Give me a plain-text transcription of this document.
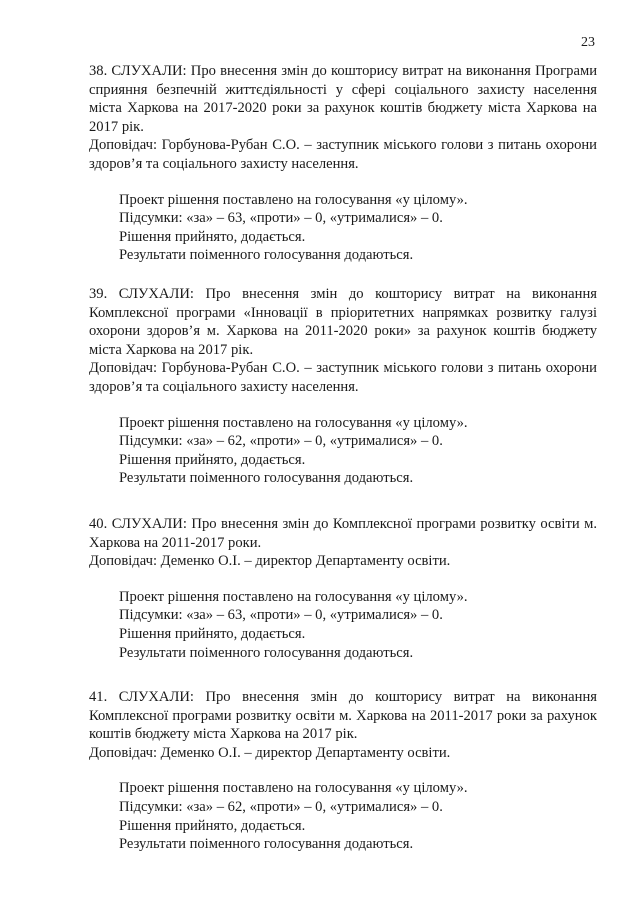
23
38. СЛУХАЛИ: Про внесення змін до кошторису витрат на виконання Програми сприяння безпечній життєдіяльності у сфері соціального захисту населення міста Харкова на 2017-2020 роки за рахунок коштів бюджету міста Харкова на 2017 рік.
Доповідач: Горбунова-Рубан С.О. – заступник міського голови з питань охорони здоров’я та соціального захисту населення.
Проект рішення поставлено на голосування «у цілому».
Підсумки: «за» – 63, «проти» – 0, «утрималися» – 0.
Рішення прийнято, додається.
Результати поіменного голосування додаються.
39. СЛУХАЛИ: Про внесення змін до кошторису витрат на виконання Комплексної програми «Інновації в пріоритетних напрямках розвитку галузі охорони здоров’я м. Харкова на 2011-2020 роки» за рахунок коштів бюджету міста Харкова на 2017 рік.
Доповідач: Горбунова-Рубан С.О. – заступник міського голови з питань охорони здоров’я та соціального захисту населення.
Проект рішення поставлено на голосування «у цілому».
Підсумки: «за» – 62, «проти» – 0, «утрималися» – 0.
Рішення прийнято, додається.
Результати поіменного голосування додаються.
40. СЛУХАЛИ: Про внесення змін до Комплексної програми розвитку освіти м. Харкова на 2011-2017 роки.
Доповідач: Деменко О.І. – директор Департаменту освіти.
Проект рішення поставлено на голосування «у цілому».
Підсумки: «за» – 63, «проти» – 0, «утрималися» – 0.
Рішення прийнято, додається.
Результати поіменного голосування додаються.
41. СЛУХАЛИ: Про внесення змін до кошторису витрат на виконання Комплексної програми розвитку освіти м. Харкова на 2011-2017 роки за рахунок коштів бюджету міста Харкова на 2017 рік.
Доповідач: Деменко О.І. – директор Департаменту освіти.
Проект рішення поставлено на голосування «у цілому».
Підсумки: «за» – 62, «проти» – 0, «утрималися» – 0.
Рішення прийнято, додається.
Результати поіменного голосування додаються.
